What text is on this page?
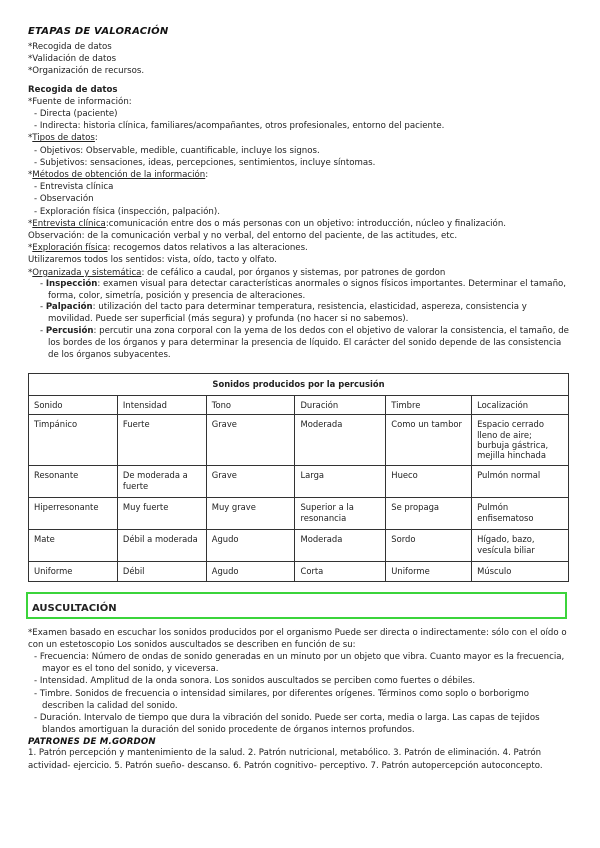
ETAPAS DE VALORACIÓN
*Recogida de datos
*Validación de datos
*Organización de recursos.
Recogida de datos
*Fuente de información:
- Directa (paciente)
- Indirecta: historia clínica, familiares/acompañantes, otros profesionales, entorno del paciente.
*Tipos de datos:
- Objetivos: Observable, medible, cuantificable, incluye los signos.
- Subjetivos: sensaciones, ideas, percepciones, sentimientos, incluye síntomas.
*Métodos de obtención de la información:
- Entrevista clínica
- Observación
- Exploración física (inspección, palpación).
*Entrevista clínica:comunicación entre dos o más personas con un objetivo: introducción, núcleo y finalización.
Observación: de la comunicación verbal y no verbal, del entorno del paciente, de las actitudes, etc.
*Exploración física: recogemos datos relativos a las alteraciones.
Utilizaremos todos los sentidos: vista, oído, tacto y olfato.
*Organizada y sistemática: de cefálico a caudal, por órganos y sistemas, por patrones de gordon
- Inspección: examen visual para detectar características anormales o signos físicos importantes. Determinar el tamaño, forma, color, simetría, posición y presencia de alteraciones.
- Palpación: utilización del tacto para determinar temperatura, resistencia, elasticidad, aspereza, consistencia y movilidad. Puede ser superficial (más segura) y profunda (no hacer si no sabemos).
- Percusión: percutir una zona corporal con la yema de los dedos con el objetivo de valorar la consistencia, el tamaño, de los bordes de los órganos y para determinar la presencia de líquido. El carácter del sonido depende de las consistencia de los órganos subyacentes.
Sonidos producidos por la percusión					
Sonido	Intensidad	Tono	Duración	Timbre	Localización
Timpánico	Fuerte	Grave	Moderada	Como un tambor	Espacio cerrado lleno de aire; burbuja gástrica, mejilla hinchada
Resonante	De moderada a fuerte	Grave	Larga	Hueco	Pulmón normal
Hiperresonante	Muy fuerte	Muy grave	Superior a la resonancia	Se propaga	Pulmón enfisematoso
Mate	Débil a moderada	Agudo	Moderada	Sordo	Hígado, bazo, vesícula biliar
Uniforme	Débil	Agudo	Corta	Uniforme	Músculo
AUSCULTACIÓN
*Examen basado en escuchar los sonidos producidos por el organismo Puede ser directa o indirectamente: sólo con el oído o con un estetoscopio Los sonidos auscultados se describen en función de su:
- Frecuencia: Número de ondas de sonido generadas en un minuto por un objeto que vibra. Cuanto mayor es la frecuencia, mayor es el tono del sonido, y viceversa.
- Intensidad. Amplitud de la onda sonora. Los sonidos auscultados se perciben como fuertes o débiles.
- Timbre. Sonidos de frecuencia o intensidad similares, por diferentes orígenes. Términos como soplo o borborigmo describen la calidad del sonido.
- Duración. Intervalo de tiempo que dura la vibración del sonido. Puede ser corta, media o larga. Las capas de tejidos blandos amortiguan la duración del sonido procedente de órganos internos profundos.
PATRONES DE M.GORDON
1. Patrón percepción y mantenimiento de la salud. 2. Patrón nutricional, metabólico. 3. Patrón de eliminación. 4. Patrón actividad- ejercicio. 5. Patrón sueño- descanso. 6. Patrón cognitivo- perceptivo. 7. Patrón autopercepción autoconcepto.
